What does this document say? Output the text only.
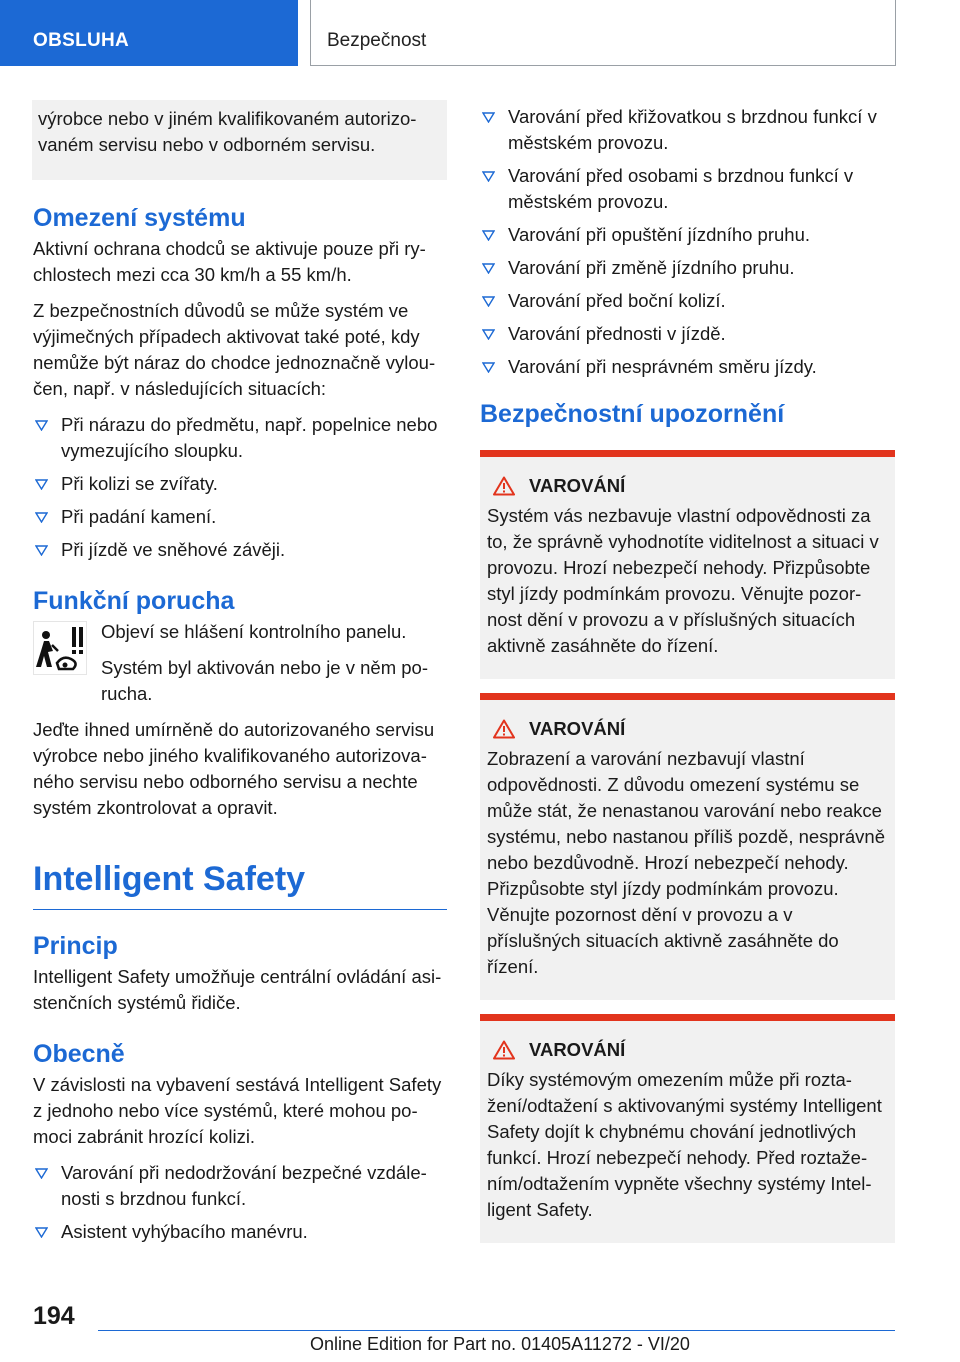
OBSLUHA	Bezpečnost

výrobce nebo v jiném kvalifikovaném autorizovaném servisu nebo v odborném servisu.

Omezení systému

Aktivní ochrana chodců se aktivuje pouze při rychlostech mezi cca 30 km/h a 55 km/h.

Z bezpečnostních důvodů se může systém ve výjimečných případech aktivovat také poté, kdy nemůže být náraz do chodce jednoznačně vyloučen, např. v následujících situacích:

Při nárazu do předmětu, např. popelnice nebo vymezujícího sloupku.
Při kolizi se zvířaty.
Při padání kamení.
Při jízdě ve sněhové závěji.
Funkční porucha

Objeví se hlášení kontrolního panelu.

Systém byl aktivován nebo je v něm porucha.

Jeďte ihned umírněně do autorizovaného servisu výrobce nebo jiného kvalifikovaného autorizovaného servisu nebo odborného servisu a nechte systém zkontrolovat a opravit.

Intelligent Safety
Princip

Intelligent Safety umožňuje centrální ovládání asistenčních systémů řidiče.

Obecně

V závislosti na vybavení sestává Intelligent Safety z jednoho nebo více systémů, které mohou pomoci zabránit hrozící kolizi.

Varování při nedodržování bezpečné vzdálenosti s brzdnou funkcí.
Asistent vyhýbacího manévru.
Varování před křižovatkou s brzdnou funkcí v městském provozu.
Varování před osobami s brzdnou funkcí v městském provozu.
Varování při opuštění jízdního pruhu.
Varování při změně jízdního pruhu.
Varování před boční kolizí.
Varování přednosti v jízdě.
Varování při nesprávném směru jízdy.
Bezpečnostní upozornění
VAROVÁNÍ

Systém vás nezbavuje vlastní odpovědnosti za to, že správně vyhodnotíte viditelnost a situaci v provozu. Hrozí nebezpečí nehody. Přizpůsobte styl jízdy podmínkám provozu. Věnujte pozornost dění v provozu a v příslušných situacích aktivně zasáhněte do řízení.

VAROVÁNÍ

Zobrazení a varování nezbavují vlastní odpovědnosti. Z důvodu omezení systému se může stát, že nenastanou varování nebo reakce systému, nebo nastanou příliš pozdě, nesprávně nebo bezdůvodně. Hrozí nebezpečí nehody. Přizpůsobte styl jízdy podmínkám provozu. Věnujte pozornost dění v provozu a v příslušných situacích aktivně zasáhněte do řízení.

VAROVÁNÍ

Díky systémovým omezením může při roztažení/odtažení s aktivovanými systémy Intelligent Safety dojít k chybnému chování jednotlivých funkcí. Hrozí nebezpečí nehody. Před roztažením/odtažením vypněte všechny systémy Intelligent Safety.

194
Online Edition for Part no. 01405A11272 - VI/20
